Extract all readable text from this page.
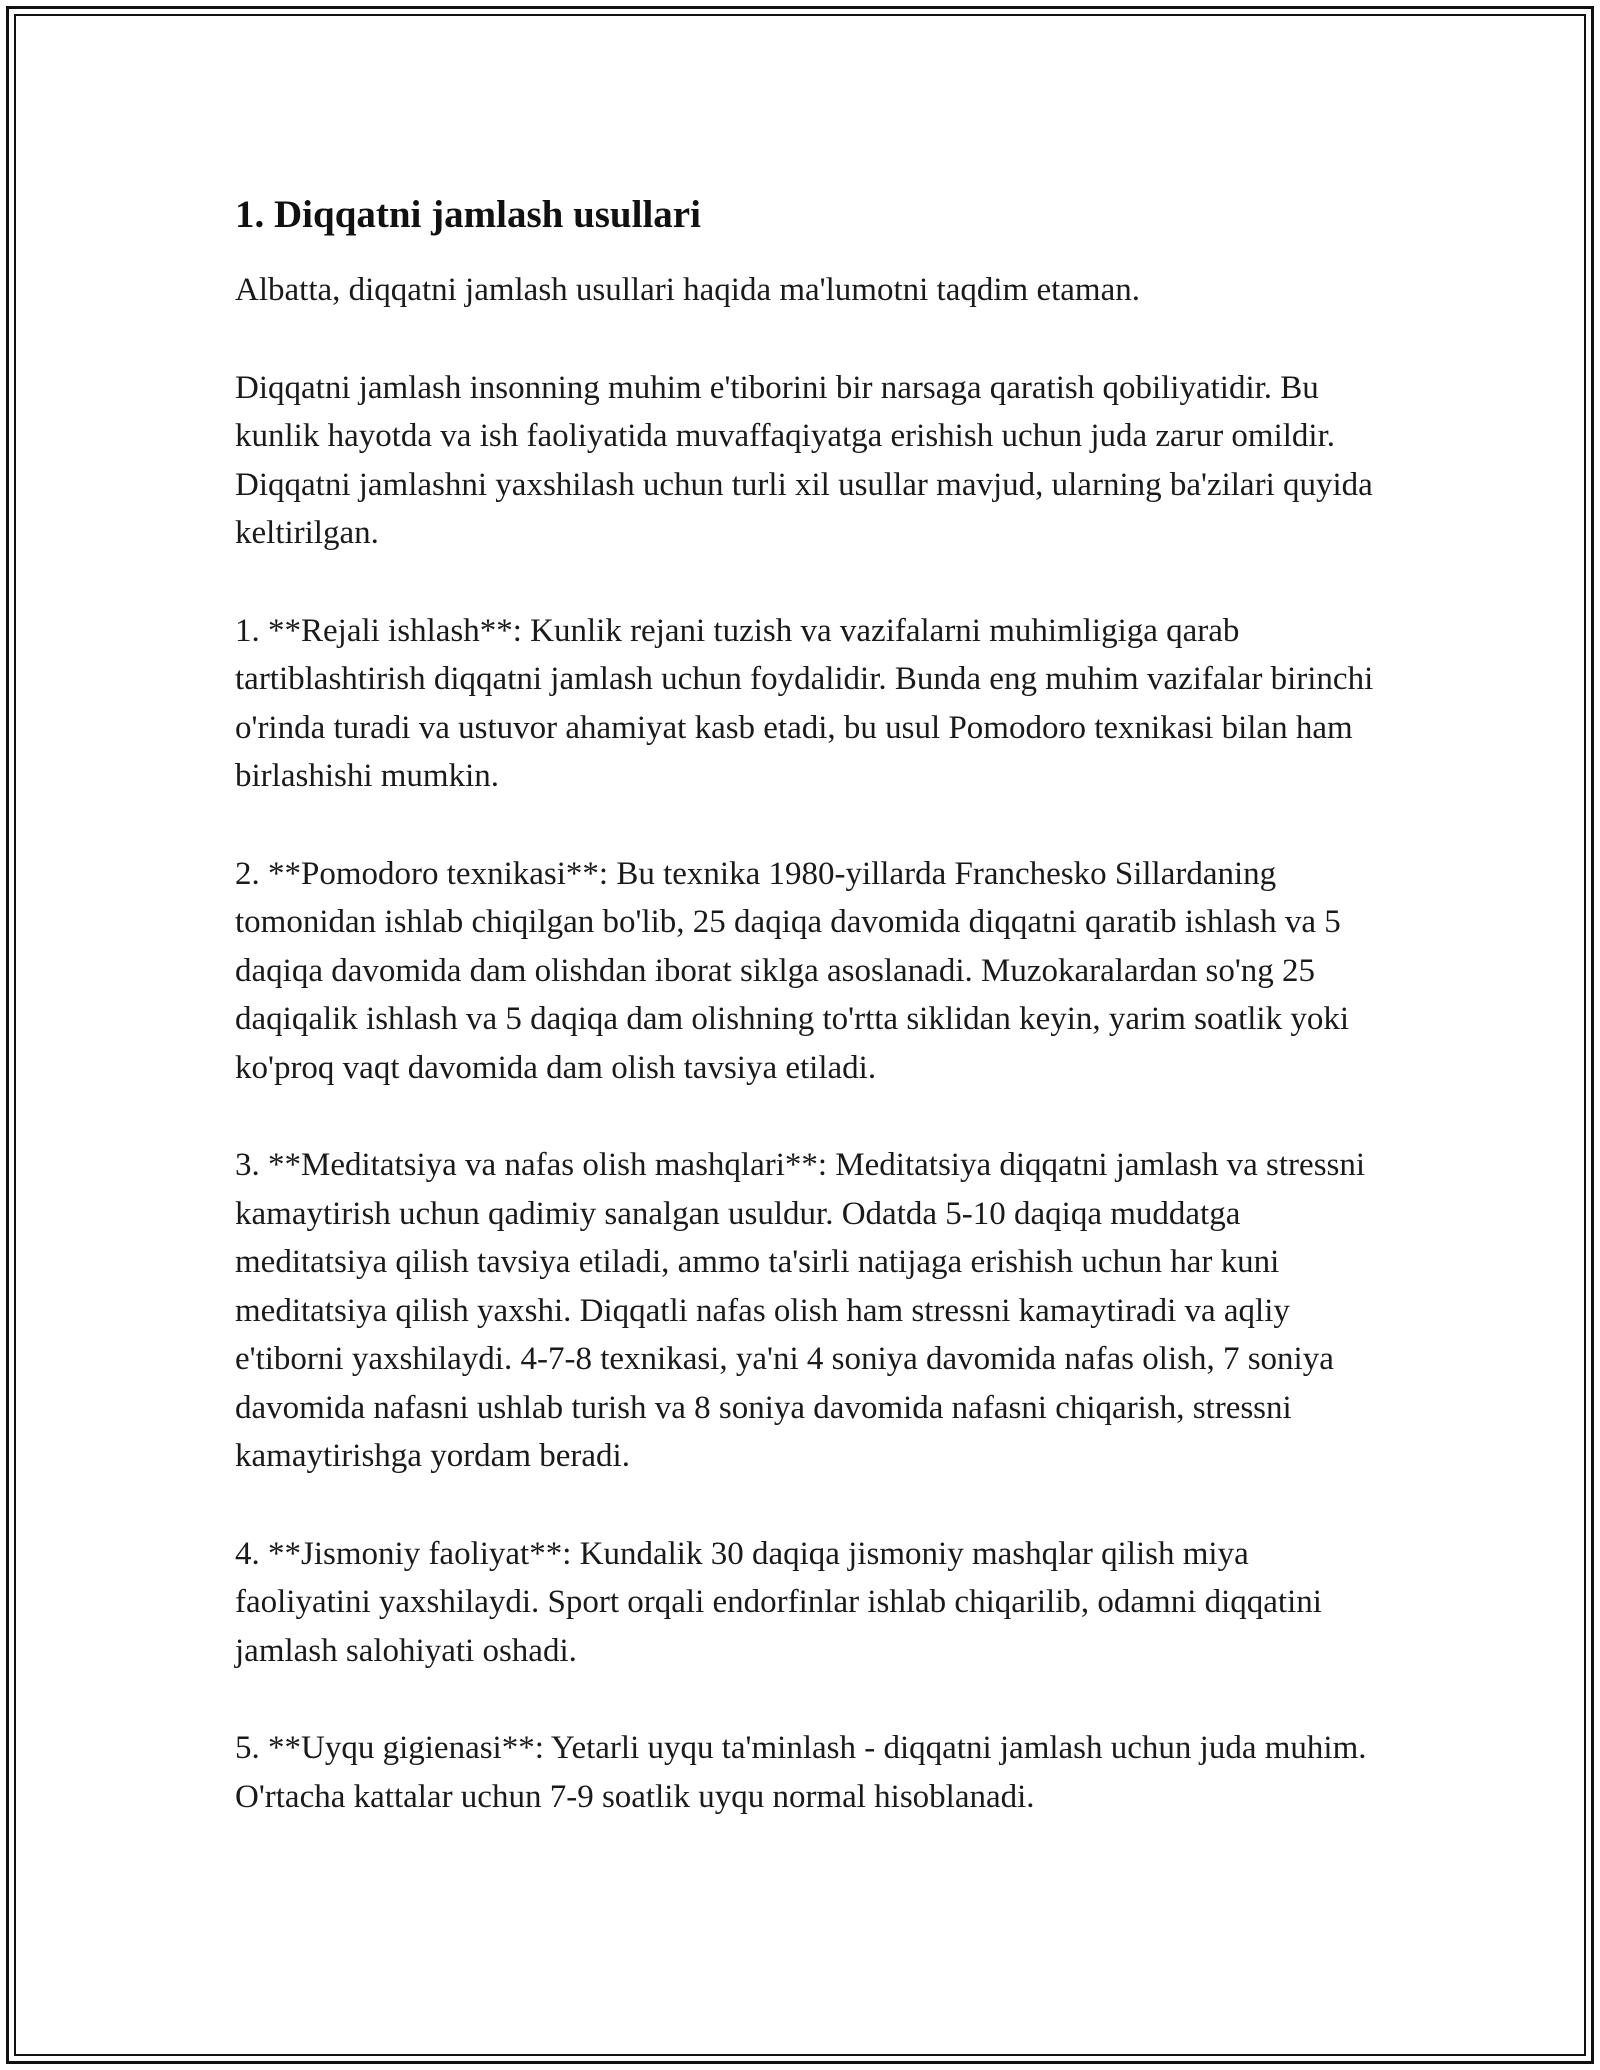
1. Diqqatni jamlash usullari

Albatta, diqqatni jamlash usullari haqida ma'lumotni taqdim etaman.

Diqqatni jamlash insonning muhim e'tiborini bir narsaga qaratish qobiliyatidir. Bu kunlik hayotda va ish faoliyatida muvaffaqiyatga erishish uchun juda zarur omildir. Diqqatni jamlashni yaxshilash uchun turli xil usullar mavjud, ularning ba'zilari quyida keltirilgan.

1. **Rejali ishlash**: Kunlik rejani tuzish va vazifalarni muhimligiga qarab tartiblashtirish diqqatni jamlash uchun foydalidir. Bunda eng muhim vazifalar birinchi o'rinda turadi va ustuvor ahamiyat kasb etadi, bu usul Pomodoro texnikasi bilan ham birlashishi mumkin.

2. **Pomodoro texnikasi**: Bu texnika 1980-yillarda Franchesko Sillardaning tomonidan ishlab chiqilgan bo'lib, 25 daqiqa davomida diqqatni qaratib ishlash va 5 daqiqa davomida dam olishdan iborat siklga asoslanadi. Muzokaralardan so'ng 25 daqiqalik ishlash va 5 daqiqa dam olishning to'rtta siklidan keyin, yarim soatlik yoki ko'proq vaqt davomida dam olish tavsiya etiladi.

3. **Meditatsiya va nafas olish mashqlari**: Meditatsiya diqqatni jamlash va stressni kamaytirish uchun qadimiy sanalgan usuldur. Odatda 5-10 daqiqa muddatga meditatsiya qilish tavsiya etiladi, ammo ta'sirli natijaga erishish uchun har kuni meditatsiya qilish yaxshi. Diqqatli nafas olish ham stressni kamaytiradi va aqliy e'tiborni yaxshilaydi. 4-7-8 texnikasi, ya'ni 4 soniya davomida nafas olish, 7 soniya davomida nafasni ushlab turish va 8 soniya davomida nafasni chiqarish, stressni kamaytirishga yordam beradi.

4. **Jismoniy faoliyat**: Kundalik 30 daqiqa jismoniy mashqlar qilish miya faoliyatini yaxshilaydi. Sport orqali endorfinlar ishlab chiqarilib, odamni diqqatini jamlash salohiyati oshadi.

5. **Uyqu gigienasi**: Yetarli uyqu ta'minlash - diqqatni jamlash uchun juda muhim. O'rtacha kattalar uchun 7-9 soatlik uyqu normal hisoblanadi.
